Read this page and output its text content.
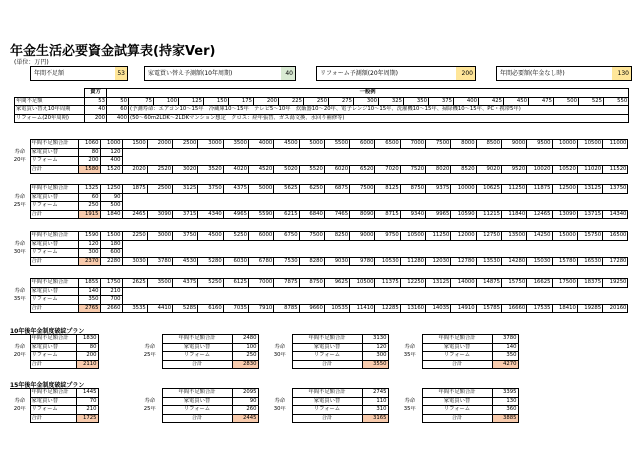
年金生活必要資金試算表(持家Ver)
(単位：万円)
年間不足額	53	家電買い替え予測額(10年周期)	40	リフォーム予測額(20年周期)	200	年間必要額(年金なし時)	130
	貴方	一般例																				
年間不足額	53	50	75	100	125	150	175	200	225	250	275	300	325	350	375	400	425	450	475	500	525	550
家電買い替え10年周期	40	60	(予測寿命：エアコン10～15年　冷蔵庫10～15年　テレビ5～10年　炊飯器10～20年、電子レンジ10～15年、洗濯機10～15年、掃除機10～15年、PC・携帯5年)																			
リフォーム(20年周期)	200	400	(50～60m2LDK～2LDKマンション想定　クロス：経年張替、ガス湯文換、水回り補修等)																			
	年間不足額合計	1060	1000	1500	2000	2500	3000	3500	4000	4500	5000	5500	6000	6500	7000	7500	8000	8500	9000	9500	10000	10500	11000
寿命	家電買い替	80	120																				
20年	リフォーム	200	400																				
	合計	1580	1520	2020	2520	3020	3520	4020	4520	5020	5520	6020	6520	7020	7520	8020	8520	9020	9520	10020	10520	11020	11520
	年間不足額合計	1325	1250	1875	2500	3125	3750	4375	5000	5625	6250	6875	7500	8125	8750	9375	10000	10625	11250	11875	12500	13125	13750
寿命	家電買い替	60	90																				
25年	リフォーム	250	500																				
	合計	1915	1840	2465	3090	3715	4340	4965	5590	6215	6840	7465	8090	8715	9340	9965	10590	11215	11840	12465	13090	13715	14340
	年間不足額合計	1590	1500	2250	3000	3750	4500	5250	6000	6750	7500	8250	9000	9750	10500	11250	12000	12750	13500	14250	15000	15750	16500
寿命	家電買い替	120	180																				
30年	リフォーム	300	600																				
	合計	2370	2280	3030	3780	4530	5280	6030	6780	7530	8280	9030	9780	10530	11280	12030	12780	13530	14280	15030	15780	16530	17280
	年間不足額合計	1855	1750	2625	3500	4375	5250	6125	7000	7875	8750	9625	10500	11375	12250	13125	14000	14875	15750	16625	17500	18375	19250
寿命	家電買い替	140	210																				
35年	リフォーム	350	700																				
	合計	2765	2660	3535	4410	5285	6160	7035	7910	8785	9660	10535	11410	12285	13160	14035	14910	15785	16660	17535	18410	19285	20160
10年後年金制度破綻プラン
15年後年金制度破綻プラン
	年間不足額合計	1830
寿命	家電買い替	80
20年	リフォーム	200
	合計	2110
	年間不足額合計	2480
寿命	家電買い替	100
25年	リフォーム	250
	合計	2830
	年間不足額合計	3130
寿命	家電買い替	120
30年	リフォーム	300
	合計	3550
	年間不足額合計	3780
寿命	家電買い替	140
35年	リフォーム	350
	合計	4270
	年間不足額合計	1445
寿命	家電買い替	70
20年	リフォーム	210
	合計	1725
	年間不足額合計	2095
寿命	家電買い替	90
25年	リフォーム	260
	合計	2445
	年間不足額合計	2745
寿命	家電買い替	110
30年	リフォーム	310
	合計	3165
	年間不足額合計	3395
寿命	家電買い替	130
35年	リフォーム	360
	合計	3885
